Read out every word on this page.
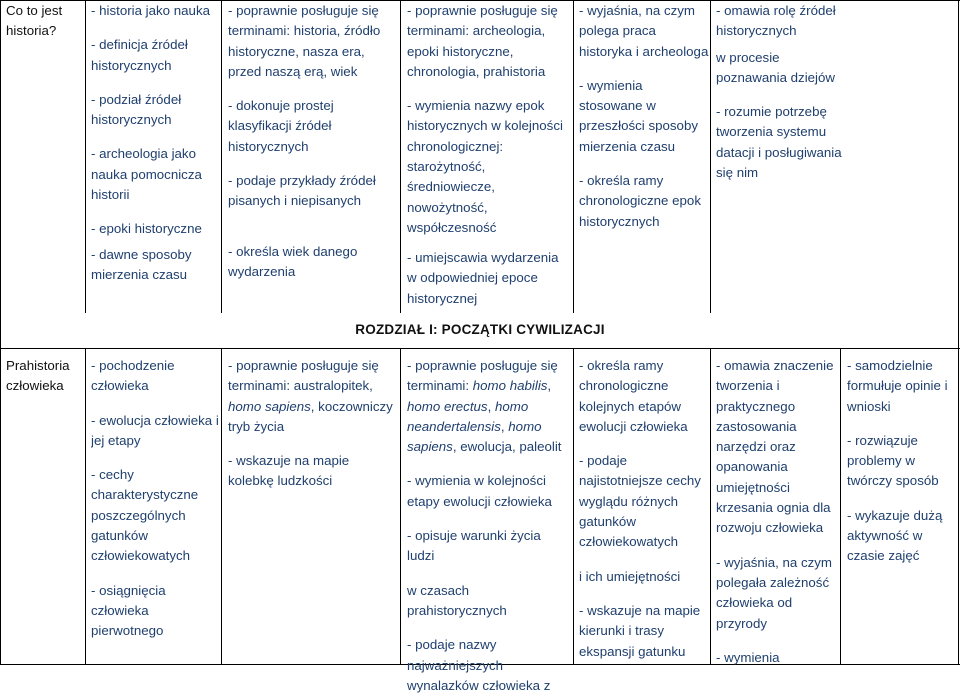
Co to jest historia?
- historia jako nauka
- definicja źródeł historycznych
- podział źródeł historycznych
- archeologia jako nauka pomocnicza historii
- epoki historyczne
- dawne sposoby mierzenia czasu
- poprawnie posługuje się terminami: historia, źródło historyczne, nasza era, przed naszą erą, wiek
- dokonuje prostej klasyfikacji źródeł historycznych
- podaje przykłady źródeł pisanych i niepisanych
- określa wiek danego wydarzenia
- poprawnie posługuje się terminami: archeologia, epoki historyczne, chronologia, prahistoria
- wymienia nazwy epok historycznych w kolejności chronologicznej: starożytność, średniowiecze, nowożytność, współczesność
- umiejscawia wydarzenia w odpowiedniej epoce historycznej
- wyjaśnia, na czym polega praca historyka i archeologa
- wymienia stosowane w przeszłości sposoby mierzenia czasu
- określa ramy chronologiczne epok historycznych
- omawia rolę źródeł historycznych
w procesie poznawania dziejów
- rozumie potrzebę tworzenia systemu datacji i posługiwania się nim
ROZDZIAŁ I: POCZĄTKI CYWILIZACJI
Prahistoria człowieka
- pochodzenie człowieka
- ewolucja człowieka i jej etapy
- cechy charakterystyczne poszczególnych gatunków człowiekowatych
- osiągnięcia człowieka pierwotnego
- poprawnie posługuje się terminami: australopitek, homo sapiens, koczowniczy tryb życia
- wskazuje na mapie kolebkę ludzkości
- poprawnie posługuje się terminami: homo habilis, homo erectus, homo neandertalensis, homo sapiens, ewolucja, paleolit
- wymienia w kolejności etapy ewolucji człowieka
- opisuje warunki życia ludzi
w czasach prahistorycznych
- podaje nazwy najważniejszych wynalazków człowieka z
- określa ramy chronologiczne kolejnych etapów ewolucji człowieka
- podaje najistotniejsze cechy wyglądu różnych gatunków człowiekowatych
i ich umiejętności
- wskazuje na mapie kierunki i trasy ekspansji gatunku
- omawia znaczenie tworzenia i praktycznego zastosowania narzędzi oraz opanowania umiejętności krzesania ognia dla rozwoju człowieka
- wyjaśnia, na czym polegała zależność człowieka od przyrody
- wymienia
- samodzielnie formułuje opinie i wnioski
- rozwiązuje problemy w twórczy sposób
- wykazuje dużą aktywność w czasie zajęć
